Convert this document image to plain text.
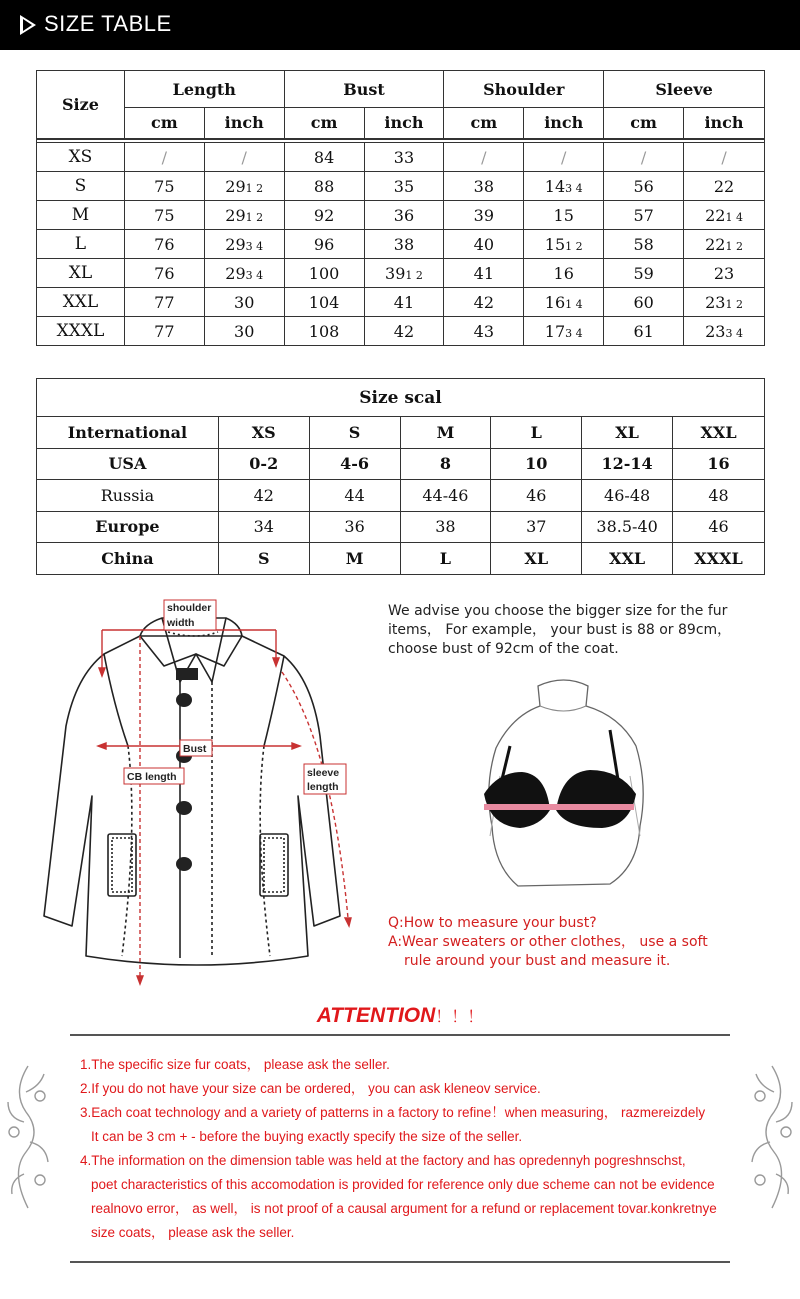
SIZE TABLE
Size	Length		Bust		Shoulder		Sleeve	
	cm	inch	cm	inch	cm	inch	cm	inch

XS	/	/	84	33	/	/	/	/
S	75	291 2	88	35	38	143 4	56	22
M	75	291 2	92	36	39	15	57	221 4
L	76	293 4	96	38	40	151 2	58	221 2
XL	76	293 4	100	391 2	41	16	59	23
XXL	77	30	104	41	42	161 4	60	231 2
XXXL	77	30	108	42	43	173 4	61	233 4
Size scal						
International	XS	S	M	L	XL	XXL
USA	0-2	4-6	8	10	12-14	16
Russia	42	44	44-46	46	46-48	48
Europe	34	36	38	37	38.5-40	46
China	S	M	L	XL	XXL	XXXL
shoulder
width
Bust
CB length	sleeve
length
We advise you choose the bigger size for the fur
items， For example， your bust is 88 or 89cm，
choose bust of 92cm of the coat.
Q:How to measure your bust?
A:Wear sweaters or other clothes， use a soft
rule around your bust and measure it.
ATTENTION！！！
1.The specific size fur coats， please ask the seller.
2.If you do not have your size can be ordered， you can ask kleneov service.
3.Each coat technology and a variety of patterns in a factory to refine！when measuring， razmereizdely
It can be 3 cm + - before the buying exactly specify the size of the seller.
4.The information on the dimension table was held at the factory and has opredennyh pogreshnschst,
poet characteristics of this accomodation is provided for reference only due scheme can not be evidence
realnovo error， as well， is not proof of a causal argument for a refund or replacement tovar.konkretnye
size coats， please ask the seller.
